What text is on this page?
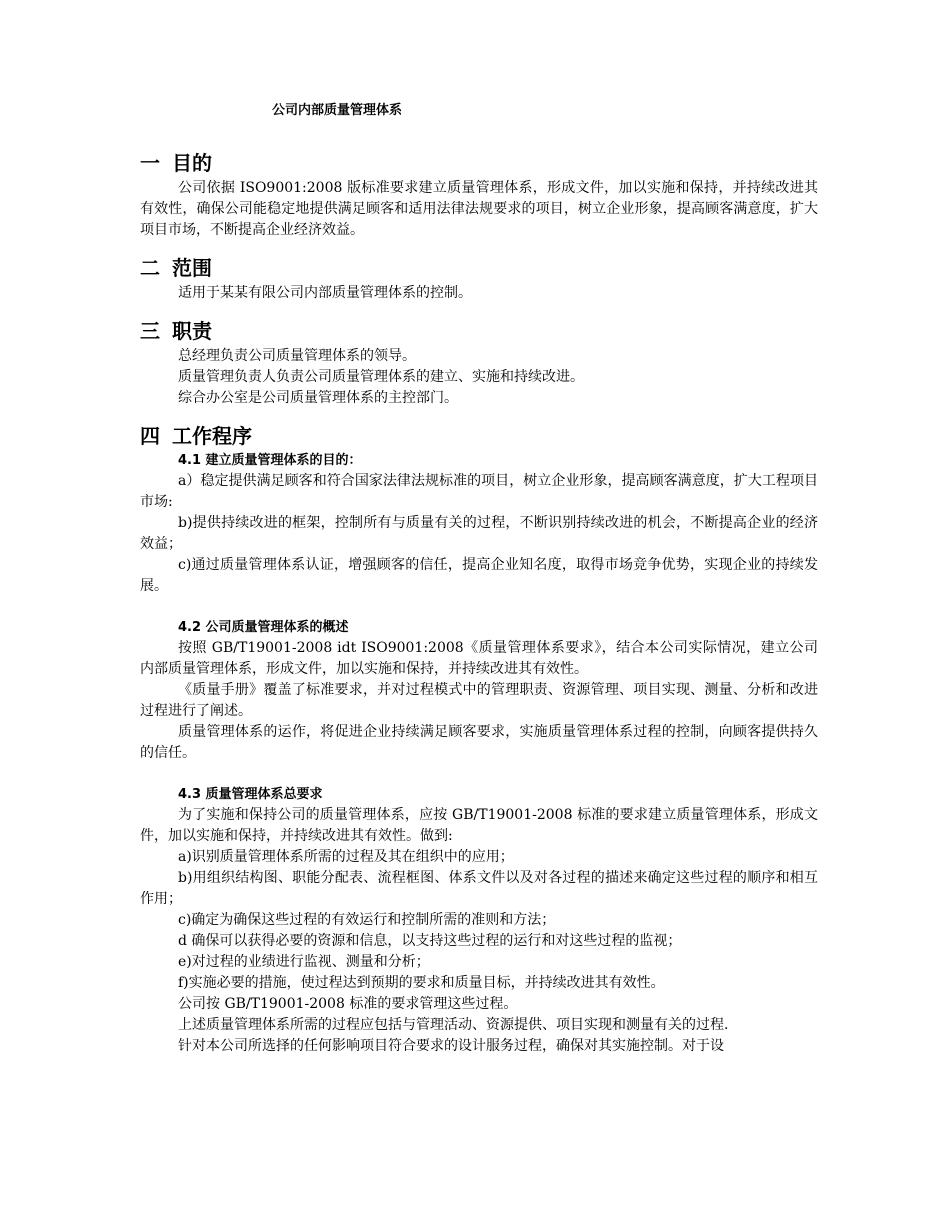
公司内部质量管理体系
一 目的

公司依据 ISO9001:2008 版标准要求建立质量管理体系，形成文件，加以实施和保持，并持续改进其有效性，确保公司能稳定地提供满足顾客和适用法律法规要求的项目，树立企业形象，提高顾客满意度，扩大项目市场，不断提高企业经济效益。

二 范围

适用于某某有限公司内部质量管理体系的控制。

三 职责

总经理负责公司质量管理体系的领导。

质量管理负责人负责公司质量管理体系的建立、实施和持续改进。

综合办公室是公司质量管理体系的主控部门。

四 工作程序
4.1 建立质量管理体系的目的：

a）稳定提供满足顾客和符合国家法律法规标准的项目，树立企业形象，提高顾客满意度，扩大工程项目市场:

b)提供持续改进的框架，控制所有与质量有关的过程，不断识别持续改进的机会，不断提高企业的经济效益；

c)通过质量管理体系认证，增强顾客的信任，提高企业知名度，取得市场竞争优势，实现企业的持续发展。

4.2 公司质量管理体系的概述

按照 GB/T19001-2008 idt ISO9001:2008《质量管理体系要求》，结合本公司实际情况，建立公司内部质量管理体系，形成文件，加以实施和保持，并持续改进其有效性。

《质量手册》覆盖了标准要求，并对过程模式中的管理职责、资源管理、项目实现、测量、分析和改进过程进行了阐述。

质量管理体系的运作，将促进企业持续满足顾客要求，实施质量管理体系过程的控制，向顾客提供持久的信任。

4.3 质量管理体系总要求

为了实施和保持公司的质量管理体系，应按 GB/T19001-2008 标准的要求建立质量管理体系，形成文件，加以实施和保持，并持续改进其有效性。做到:

a)识别质量管理体系所需的过程及其在组织中的应用；

b)用组织结构图、职能分配表、流程框图、体系文件以及对各过程的描述来确定这些过程的顺序和相互作用；

c)确定为确保这些过程的有效运行和控制所需的准则和方法；

d 确保可以获得必要的资源和信息，以支持这些过程的运行和对这些过程的监视；

e)对过程的业绩进行监视、测量和分析；

f)实施必要的措施，使过程达到预期的要求和质量目标，并持续改进其有效性。

公司按 GB/T19001-2008 标准的要求管理这些过程。

上述质量管理体系所需的过程应包括与管理活动、资源提供、项目实现和测量有关的过程.

针对本公司所选择的任何影响项目符合要求的设计服务过程，确保对其实施控制。对于设
